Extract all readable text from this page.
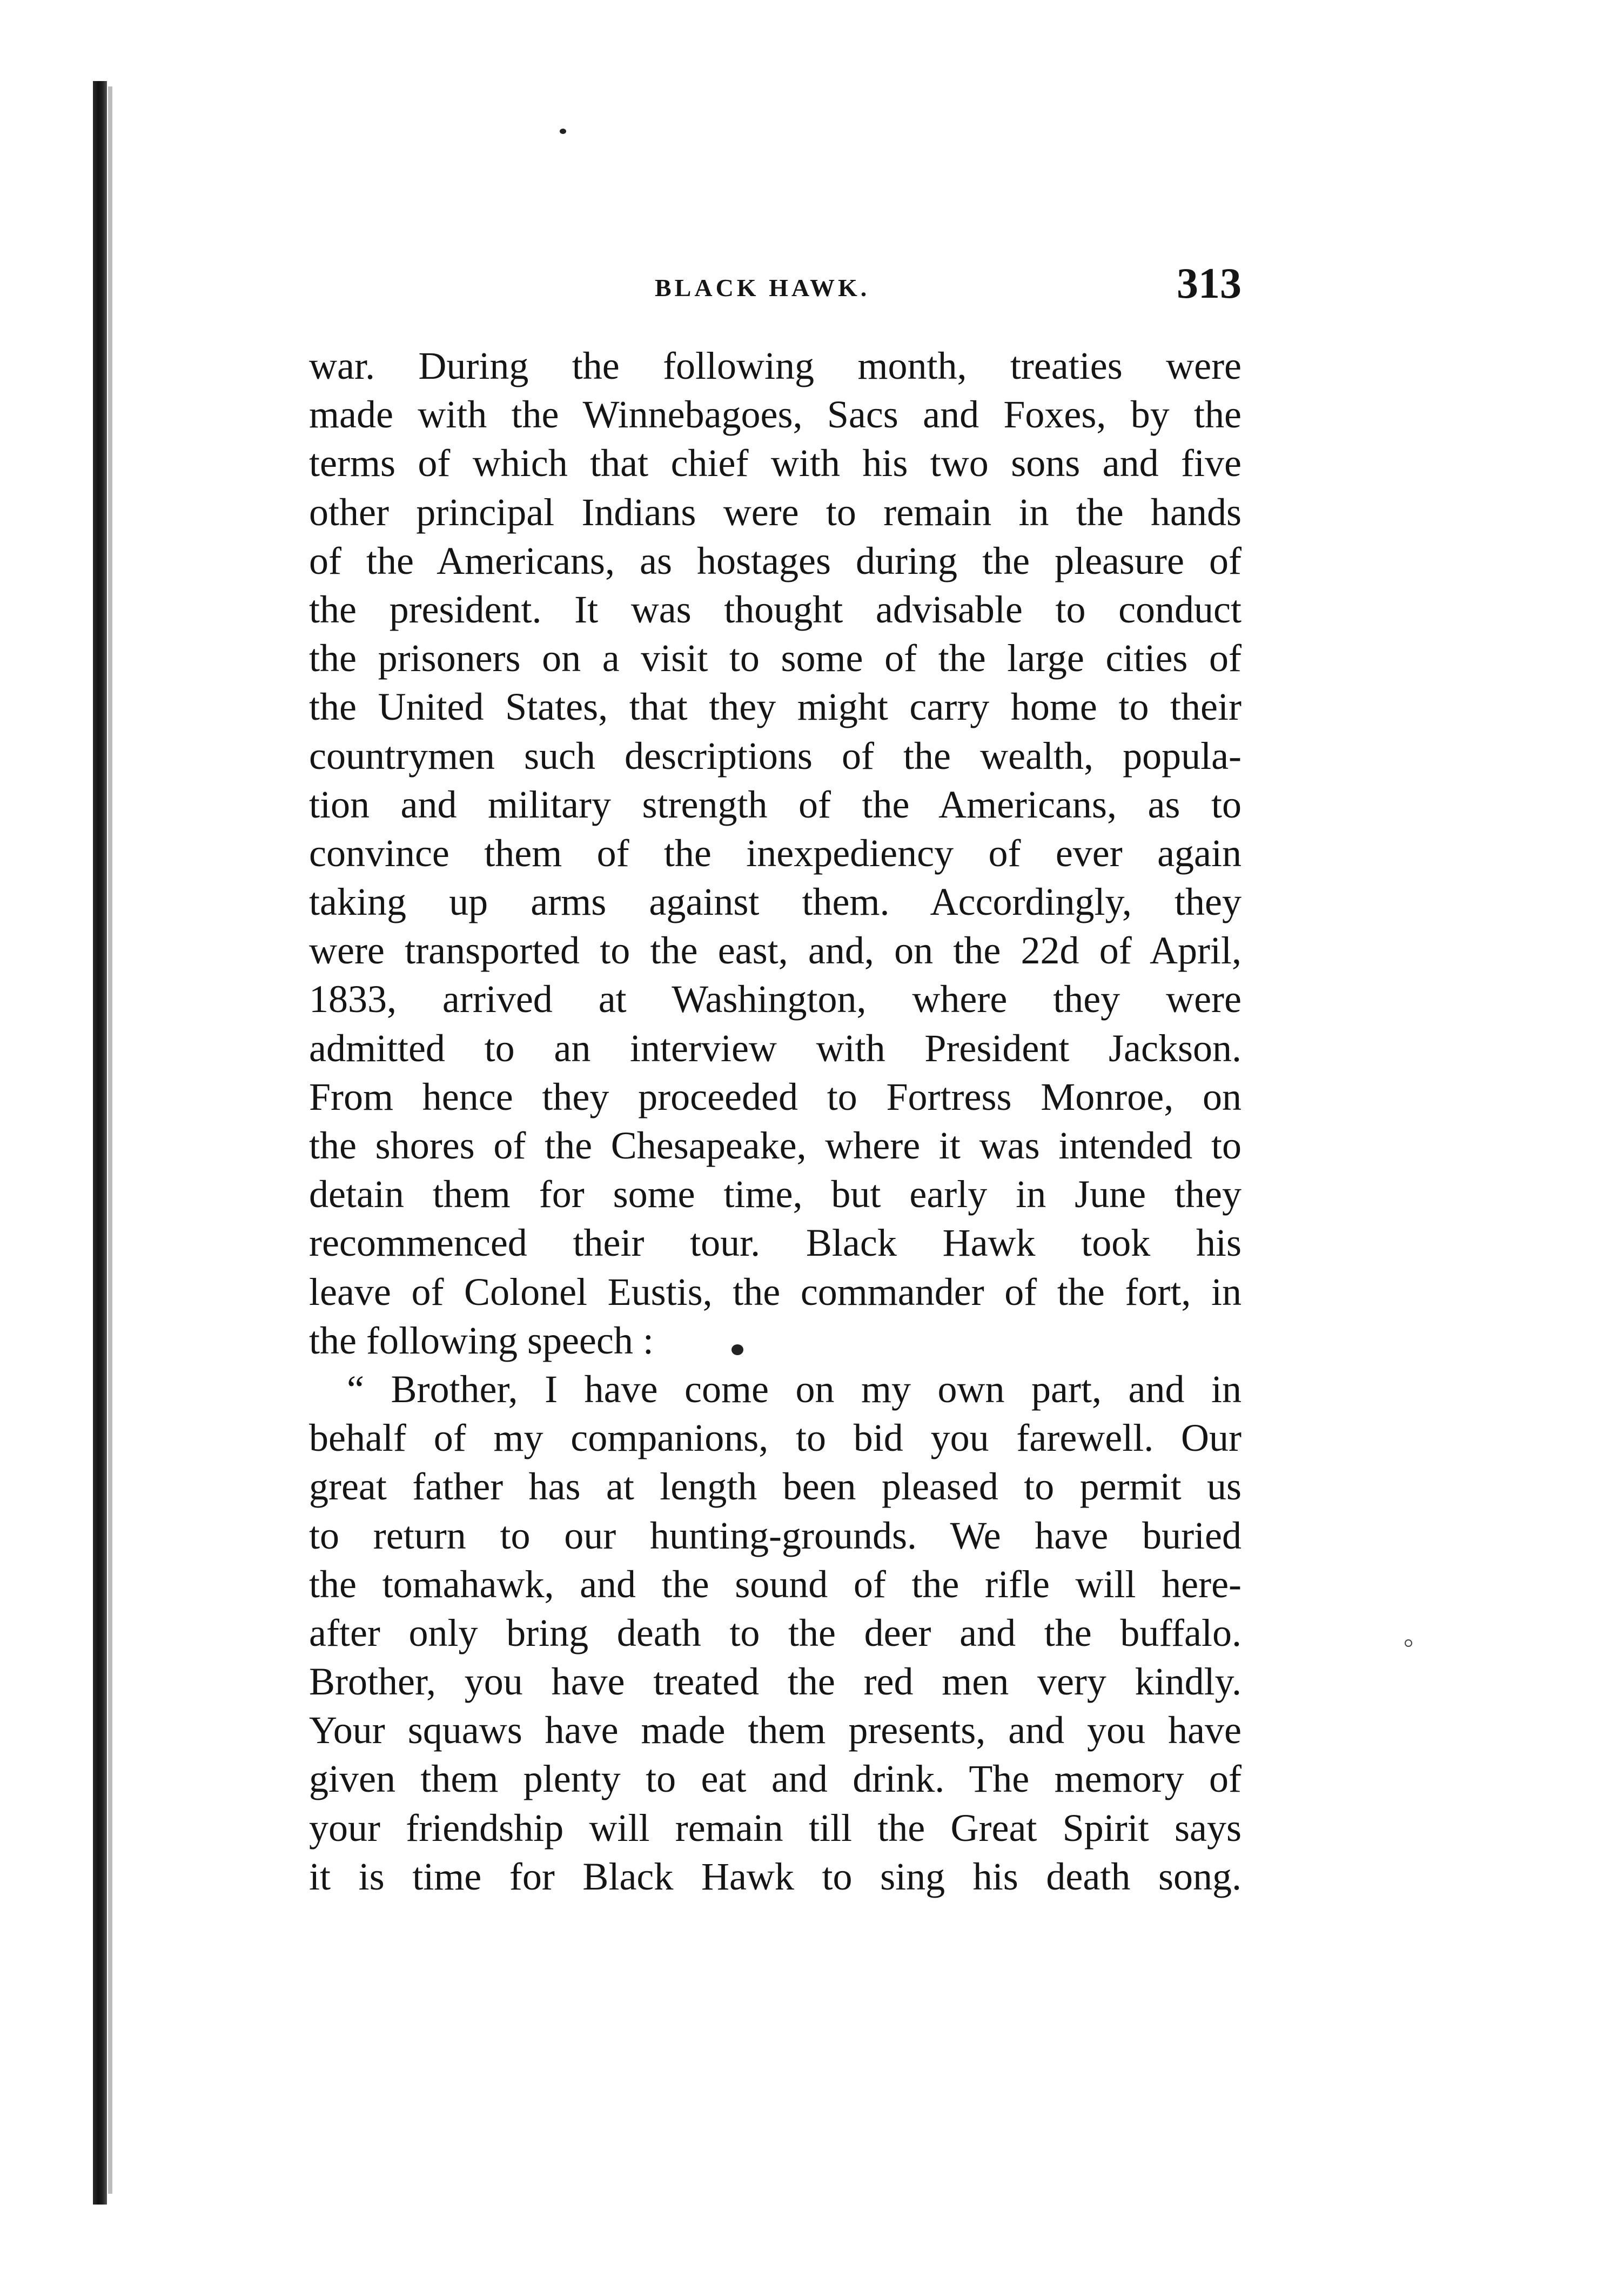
BLACK HAWK.	313
war. During the following month, treaties were
made with the Winnebagoes, Sacs and Foxes, by the
terms of which that chief with his two sons and five
other principal Indians were to remain in the hands
of the Americans, as hostages during the pleasure of
the president. It was thought advisable to conduct
the prisoners on a visit to some of the large cities of
the United States, that they might carry home to their
countrymen such descriptions of the wealth, popula-
tion and military strength of the Americans, as to
convince them of the inexpediency of ever again
taking up arms against them. Accordingly, they
were transported to the east, and, on the 22d of April,
1833, arrived at Washington, where they were
admitted to an interview with President Jackson.
From hence they proceeded to Fortress Monroe, on
the shores of the Chesapeake, where it was intended to
detain them for some time, but early in June they
recommenced their tour. Black Hawk took his
leave of Colonel Eustis, the commander of the fort, in
the following speech :
“ Brother, I have come on my own part, and in
behalf of my companions, to bid you farewell. Our
great father has at length been pleased to permit us
to return to our hunting-grounds. We have buried
the tomahawk, and the sound of the rifle will here-
after only bring death to the deer and the buffalo.
Brother, you have treated the red men very kindly.
Your squaws have made them presents, and you have
given them plenty to eat and drink. The memory of
your friendship will remain till the Great Spirit says
it is time for Black Hawk to sing his death song.
